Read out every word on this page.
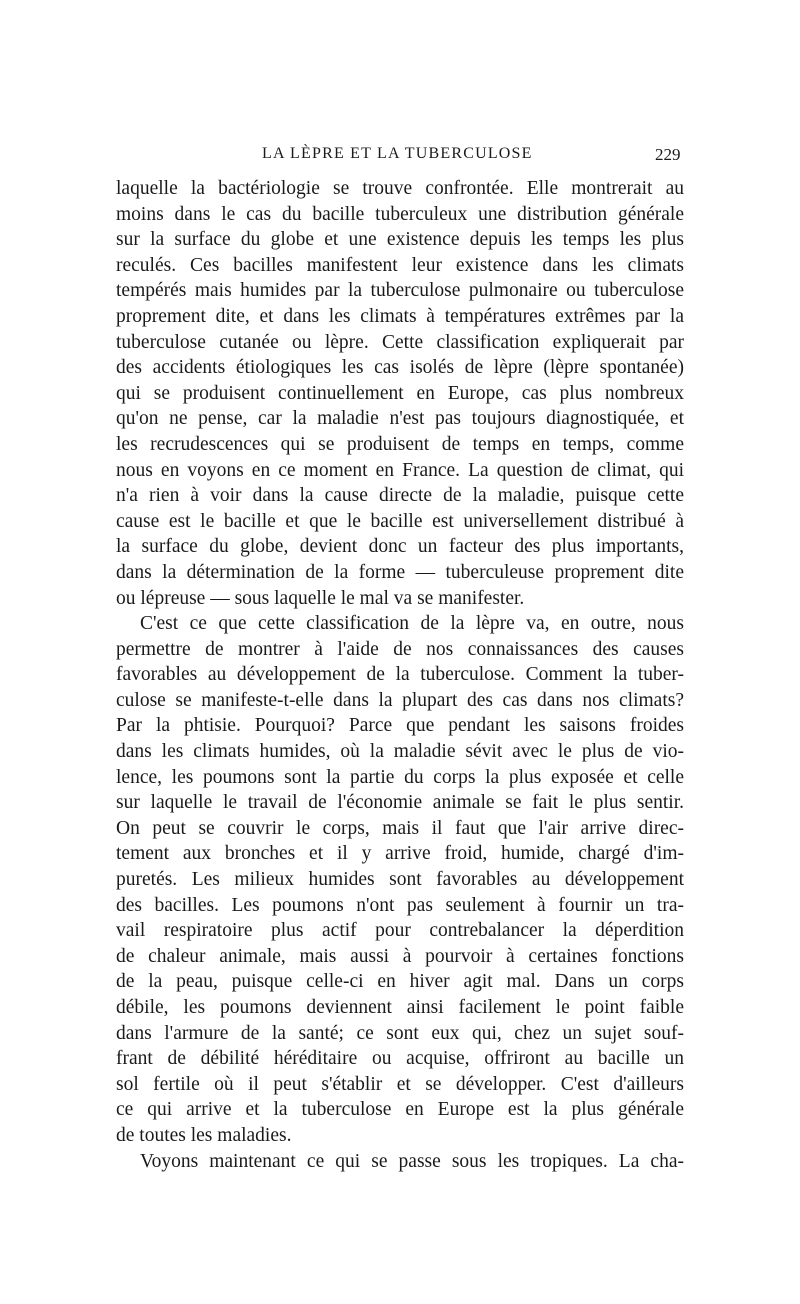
LA LÈPRE ET LA TUBERCULOSE	229
laquelle la bactériologie se trouve confrontée. Elle montrerait au
moins dans le cas du bacille tuberculeux une distribution générale
sur la surface du globe et une existence depuis les temps les plus
reculés. Ces bacilles manifestent leur existence dans les climats
tempérés mais humides par la tuberculose pulmonaire ou tuberculose
proprement dite, et dans les climats à températures extrêmes par la
tuberculose cutanée ou lèpre. Cette classification expliquerait par
des accidents étiologiques les cas isolés de lèpre (lèpre spontanée)
qui se produisent continuellement en Europe, cas plus nombreux
qu'on ne pense, car la maladie n'est pas toujours diagnostiquée, et
les recrudescences qui se produisent de temps en temps, comme
nous en voyons en ce moment en France. La question de climat, qui
n'a rien à voir dans la cause directe de la maladie, puisque cette
cause est le bacille et que le bacille est universellement distribué à
la surface du globe, devient donc un facteur des plus importants,
dans la détermination de la forme — tuberculeuse proprement dite
ou lépreuse — sous laquelle le mal va se manifester.
C'est ce que cette classification de la lèpre va, en outre, nous
permettre de montrer à l'aide de nos connaissances des causes
favorables au développement de la tuberculose. Comment la tuber-
culose se manifeste-t-elle dans la plupart des cas dans nos climats?
Par la phtisie. Pourquoi? Parce que pendant les saisons froides
dans les climats humides, où la maladie sévit avec le plus de vio-
lence, les poumons sont la partie du corps la plus exposée et celle
sur laquelle le travail de l'économie animale se fait le plus sentir.
On peut se couvrir le corps, mais il faut que l'air arrive direc-
tement aux bronches et il y arrive froid, humide, chargé d'im-
puretés. Les milieux humides sont favorables au développement
des bacilles. Les poumons n'ont pas seulement à fournir un tra-
vail respiratoire plus actif pour contrebalancer la déperdition
de chaleur animale, mais aussi à pourvoir à certaines fonctions
de la peau, puisque celle-ci en hiver agit mal. Dans un corps
débile, les poumons deviennent ainsi facilement le point faible
dans l'armure de la santé; ce sont eux qui, chez un sujet souf-
frant de débilité héréditaire ou acquise, offriront au bacille un
sol fertile où il peut s'établir et se développer. C'est d'ailleurs
ce qui arrive et la tuberculose en Europe est la plus générale
de toutes les maladies.
Voyons maintenant ce qui se passe sous les tropiques. La cha-
